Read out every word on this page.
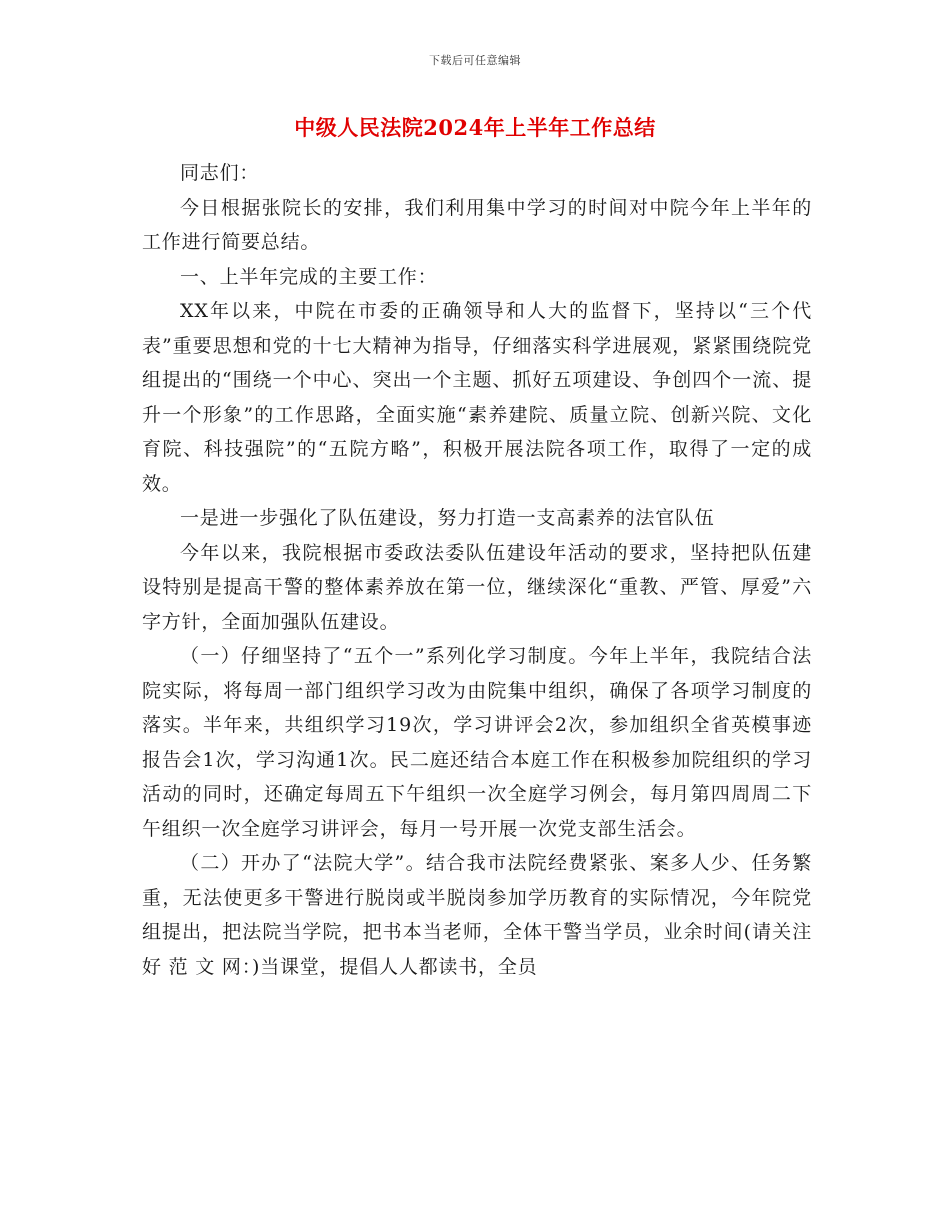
下载后可任意编辑
中级人民法院2024年上半年工作总结

同志们：

今日根据张院长的安排，我们利用集中学习的时间对中院今年上半年的工作进行简要总结。

一、上半年完成的主要工作：

XX年以来，中院在市委的正确领导和人大的监督下，坚持以“三个代表”重要思想和党的十七大精神为指导，仔细落实科学进展观，紧紧围绕院党组提出的“围绕一个中心、突出一个主题、抓好五项建设、争创四个一流、提升一个形象”的工作思路，全面实施“素养建院、质量立院、创新兴院、文化育院、科技强院”的“五院方略”，积极开展法院各项工作，取得了一定的成效。

一是进一步强化了队伍建设，努力打造一支高素养的法官队伍

今年以来，我院根据市委政法委队伍建设年活动的要求，坚持把队伍建设特别是提高干警的整体素养放在第一位，继续深化“重教、严管、厚爱”六字方针，全面加强队伍建设。

（一）仔细坚持了“五个一”系列化学习制度。今年上半年，我院结合法院实际，将每周一部门组织学习改为由院集中组织，确保了各项学习制度的落实。半年来，共组织学习19次，学习讲评会2次，参加组织全省英模事迹报告会1次，学习沟通1次。民二庭还结合本庭工作在积极参加院组织的学习活动的同时，还确定每周五下午组织一次全庭学习例会，每月第四周周二下午组织一次全庭学习讲评会，每月一号开展一次党支部生活会。

（二）开办了“法院大学”。结合我市法院经费紧张、案多人少、任务繁重，无法使更多干警进行脱岗或半脱岗参加学历教育的实际情况，今年院党组提出，把法院当学院，把书本当老师，全体干警当学员，业余时间(请关注好 范 文 网：)当课堂，提倡人人都读书，全员
